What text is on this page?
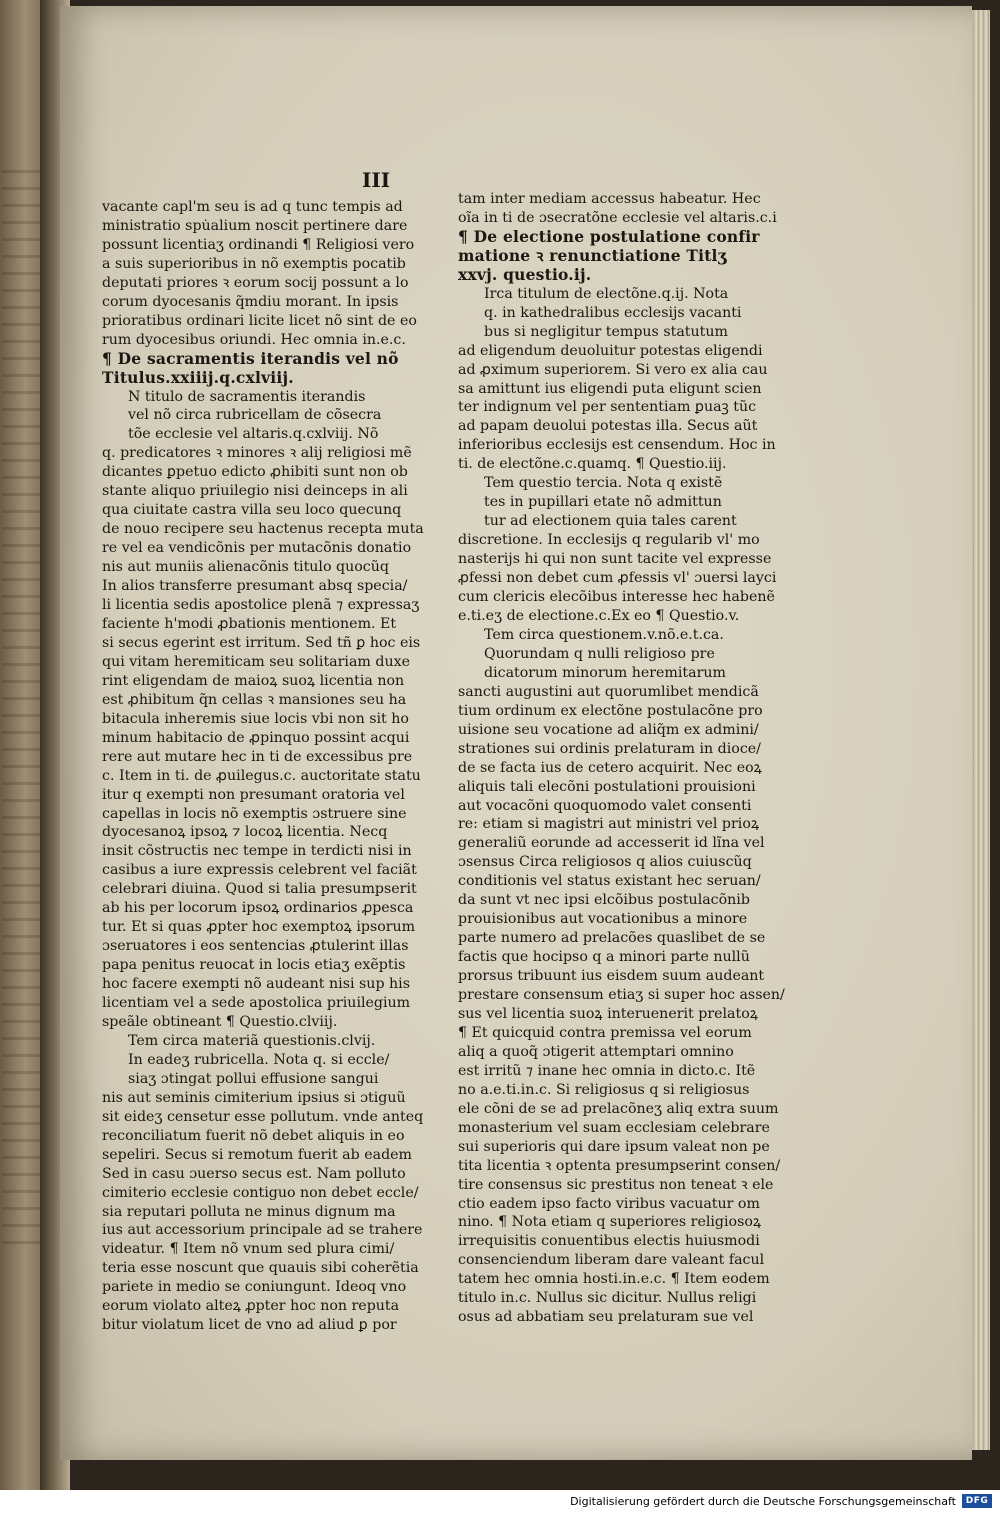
III
vacante capl'm seu is ad q tunc tempis ad
ministratio spu̇alium noscit pertinere dare
possunt licentiaʒ ordinandi ¶ Religiosi vero
a suis superioribus in nõ exemptis pocatib
deputati priores ꝛ eorum socij possunt a lo
corum dyocesanis q̃mdiu morant. In ipsis
prioratibus ordinari licite licet nõ sint de eo
rum dyocesibus oriundi. Hec omnia in.e.c.
¶ De sacramentis iterandis vel nõ
Titulus.xxiiij.q.cxlviij.
N titulo de sacramentis iterandis
vel nõ circa rubricellam de cõsecra
tõe ecclesie vel altaris.q.cxlviij. Nõ
q. predicatores ꝛ minores ꝛ alij religiosi mẽ
dicantes ꝑpetuo edicto ꝓhibiti sunt non ob
stante aliquo priuilegio nisi deinceps in ali
qua ciuitate castra villa seu loco quecunq
de nouo recipere seu hactenus recepta muta
re vel ea vendicõnis per mutacõnis donatio
nis aut muniis alienacõnis titulo quocũq
In alios transferre presumant absq specia/
li licentia sedis apostolice plenã ⁊ expressaʒ
faciente h'modi ꝓbationis mentionem. Et
si secus egerint est irritum. Sed tñ ꝑ hoc eis
qui vitam heremiticam seu solitariam duxe
rint eligendam de maioꝝ suoꝝ licentia non
est ꝓhibitum q̃n cellas ꝛ mansiones seu ha
bitacula inheremis siue locis vbi non sit ho
minum habitacio de ꝓpinquo possint acqui
rere aut mutare hec in ti de excessibus pre
c. Item in ti. de ꝓuilegus.c. auctoritate statu
itur q exempti non presumant oratoria vel
capellas in locis nõ exemptis ɔstruere sine
dyocesanoꝝ ipsoꝝ ⁊ locoꝝ licentia. Necq
insit cõstructis nec tempe in terdicti nisi in
casibus a iure expressis celebrent vel faciãt
celebrari diuina. Quod si talia presumpserit
ab his per locorum ipsoꝝ ordinarios ꝓpesca
tur. Et si quas ꝓpter hoc exemptoꝝ ipsorum
ɔseruatores i eos sentencias ꝓtulerint illas
papa penitus reuocat in locis etiaʒ exẽptis
hoc facere exempti nõ audeant nisi sup his
licentiam vel a sede apostolica priuilegium
speãle obtineant ¶ Questio.clviij.
Tem circa materiã questionis.clvij.
In eadeʒ rubricella. Nota q. si eccle/
siaʒ ɔtingat pollui effusione sangui
nis aut seminis cimiterium ipsius si ɔtiguũ
sit eideʒ censetur esse pollutum. vnde anteq
reconciliatum fuerit nõ debet aliquis in eo
sepeliri. Secus si remotum fuerit ab eadem
Sed in casu ɔuerso secus est. Nam polluto
cimiterio ecclesie contiguo non debet eccle/
sia reputari polluta ne minus dignum ma
ius aut accessorium principale ad se trahere
videatur. ¶ Item nõ vnum sed plura cimi/
teria esse noscunt que quauis sibi coherẽtia
pariete in medio se coniungunt. Ideoq vno
eorum violato alteꝝ ꝓpter hoc non reputa
bitur violatum licet de vno ad aliud ꝑ por
tam inter mediam accessus habeatur. Hec
oĩa in ti de ɔsecratõne ecclesie vel altaris.c.i
¶ De electione postulatione confir
matione ꝛ renunctiatione Titlʒ
xxvj. questio.ij.
Irca titulum de electõne.q.ij. Nota
q. in kathedralibus ecclesijs vacanti
bus si negligitur tempus statutum
ad eligendum deuoluitur potestas eligendi
ad ꝓximum superiorem. Si vero ex alia cau
sa amittunt ius eligendi puta eligunt scien
ter indignum vel per sententiam ꝑuaꝫ tũc
ad papam deuolui potestas illa. Secus aũt
inferioribus ecclesijs est censendum. Hoc in
ti. de electõne.c.quamq. ¶ Questio.iij.
Tem questio tercia. Nota q existẽ
tes in pupillari etate nõ admittun
tur ad electionem quia tales carent
discretione. In ecclesijs q regularib vl' mo
nasterijs hi qui non sunt tacite vel expresse
ꝓfessi non debet cum ꝓfessis vl' ɔuersi layci
cum clericis elecõibus interesse hec habenẽ
e.ti.eʒ de electione.c.Ex eo ¶ Questio.v.
Tem circa questionem.v.nõ.e.t.ca.
Quorundam q nulli religioso pre
dicatorum minorum heremitarum
sancti augustini aut quorumlibet mendicã
tium ordinum ex electõne postulacõne pro
uisione seu vocatione ad aliq̃m ex admini/
strationes sui ordinis prelaturam in dioce/
de se facta ius de cetero acquirit. Nec eoꝝ
aliquis tali elecõni postulationi prouisioni
aut vocacõni quoquomodo valet consenti
re: etiam si magistri aut ministri vel prioꝝ
generaliũ eorunde ad accesserit id lĩna vel
ɔsensus Circa religiosos q alios cuiuscũq
conditionis vel status existant hec seruan/
da sunt vt nec ipsi elcõibus postulacõnib
prouisionibus aut vocationibus a minore
parte numero ad prelacões quaslibet de se
factis que hocipso q a minori parte nullũ
prorsus tribuunt ius eisdem suum audeant
prestare consensum etiaʒ si super hoc assen/
sus vel licentia suoꝝ interuenerit prelatoꝝ
¶ Et quicquid contra premissa vel eorum
aliq a quoq̃ ɔtigerit attemptari omnino
est irritũ ⁊ inane hec omnia in dicto.c. Itẽ
no a.e.ti.in.c. Si religiosus q si religiosus
ele cõni de se ad prelacõneʒ aliq extra suum
monasterium vel suam ecclesiam celebrare
sui superioris qui dare ipsum valeat non pe
tita licentia ꝛ optenta presumpserint consen/
tire consensus sic prestitus non teneat ꝛ ele
ctio eadem ipso facto viribus vacuatur om
nino. ¶ Nota etiam q superiores religiosoꝝ
irrequisitis conuentibus electis huiusmodi
consenciendum liberam dare valeant facul
tatem hec omnia hosti.in.e.c. ¶ Item eodem
titulo in.c. Nullus sic dicitur. Nullus religi
osus ad abbatiam seu prelaturam sue vel
Digitalisierung gefördert durch die Deutsche Forschungsgemeinschaft	DFG
